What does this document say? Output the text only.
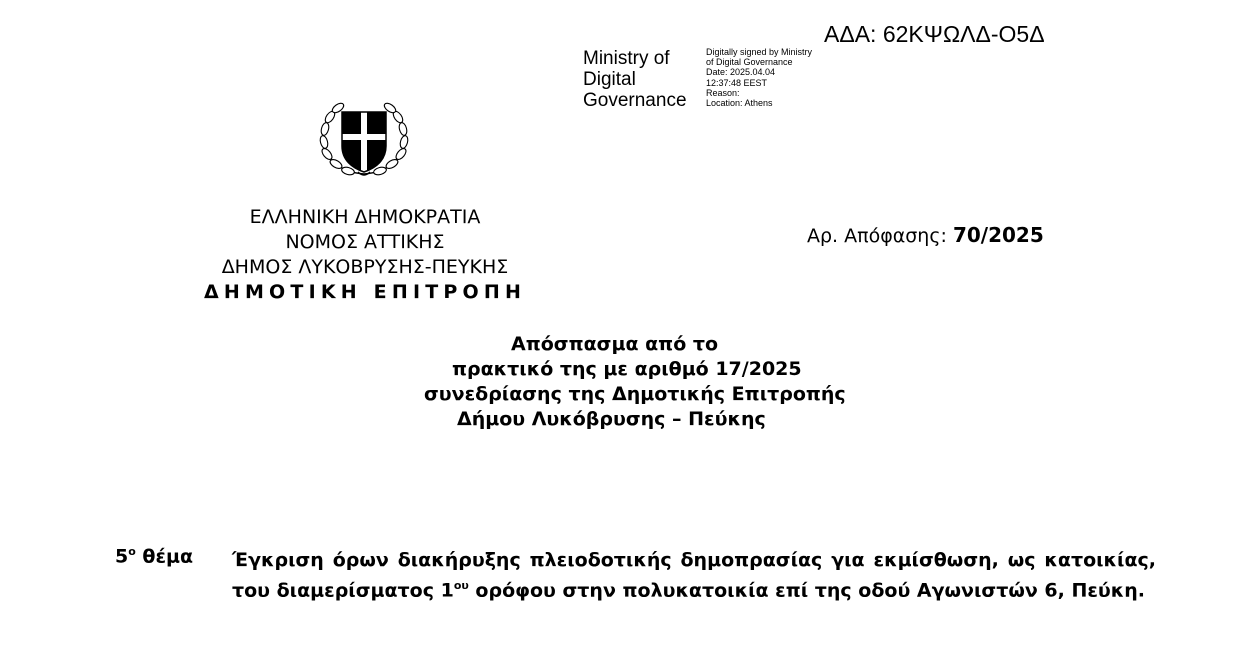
ΑΔΑ: 62ΚΨΩΛΔ-Ο5Δ
Ministry of
Digital
Governance
Digitally signed by Ministry
of Digital Governance
Date: 2025.04.04
12:37:48 EEST
Reason:
Location: Athens
ΕΛΛΗΝΙΚΗ ΔΗΜΟΚΡΑΤΙΑ
ΝΟΜΟΣ ΑΤΤΙΚΗΣ
ΔΗΜΟΣ ΛΥΚΟΒΡΥΣΗΣ-ΠΕΥΚΗΣ
ΔΗΜΟΤΙΚΗ ΕΠΙΤΡΟΠΗ
Αρ. Απόφασης: 70/2025
Απόσπασμα από το
πρακτικό της με αριθμό 17/2025
συνεδρίασης της Δημοτικής Επιτροπής
Δήμου Λυκόβρυσης – Πεύκης
$5^o$ θέμα Έγκριση όρων διακήρυξης πλειοδοτικής δημοπρασίας για εκμίσθωση, ως κατοικίας, του διαμερίσματος $1^{o\upsilon}$ ορόφου στην πολυκατοικία επί της οδού Αγωνιστών 6, Πεύκη.
